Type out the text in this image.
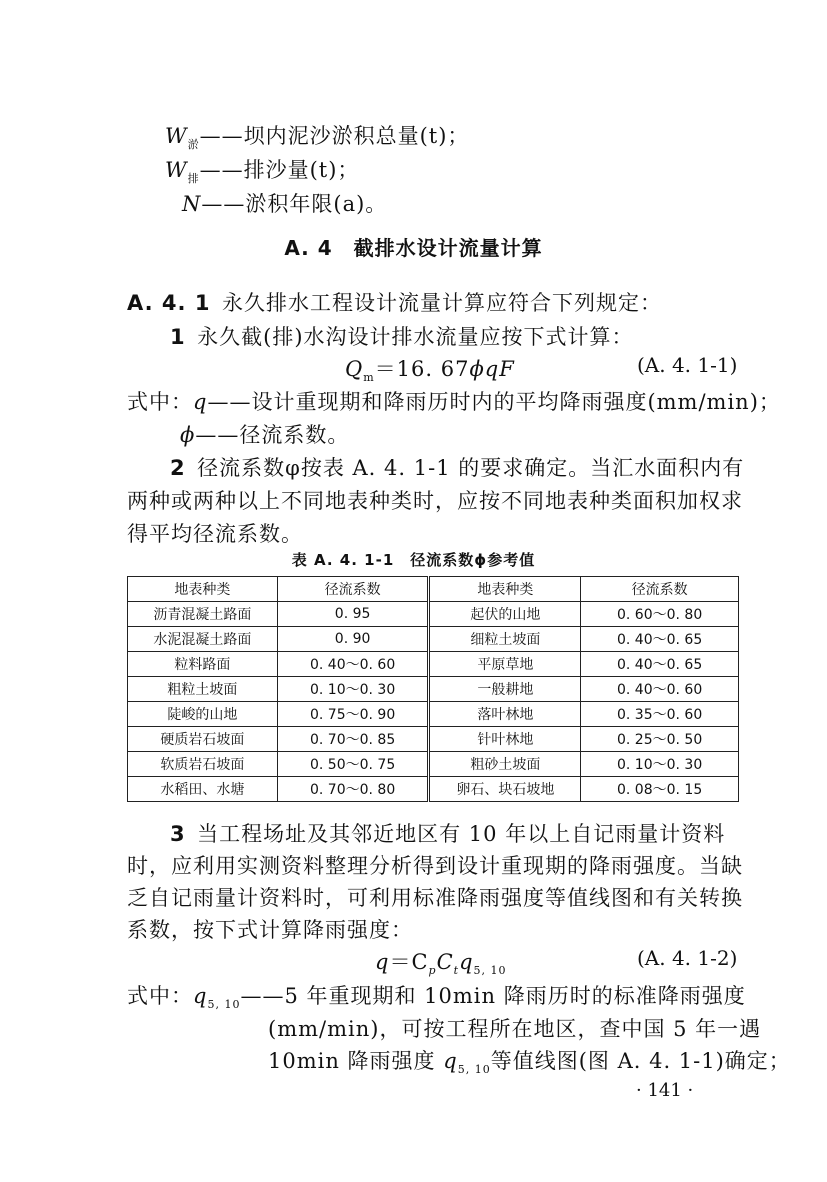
$W_淤——$坝内泥沙淤积总量(t)；
$W_排——$排沙量(t)；
N——淤积年限(a)。
A. 4  截排水设计流量计算
A. 4. 1  永久排水工程设计流量计算应符合下列规定：
1  永久截(排)水沟设计排水流量应按下式计算：
$Q_m=16$. 67ϕqF	(A. 4. 1-1)
式中：q——设计重现期和降雨历时内的平均降雨强度(mm/min)；
ϕ——径流系数。
2  径流系数φ按表 A. 4. 1-1 的要求确定。当汇水面积内有
两种或两种以上不同地表种类时，应按不同地表种类面积加权求
得平均径流系数。
表 A. 4. 1-1　径流系数ϕ参考值
地表种类	径流系数	地表种类	径流系数
沥青混凝土路面	0. 95	起伏的山地	0. 60～0. 80
水泥混凝土路面	0. 90	细粒土坡面	0. 40～0. 65
粒料路面	0. 40～0. 60	平原草地	0. 40～0. 65
粗粒土坡面	0. 10～0. 30	一般耕地	0. 40～0. 60
陡峻的山地	0. 75～0. 90	落叶林地	0. 35～0. 60
硬质岩石坡面	0. 70～0. 85	针叶林地	0. 25～0. 50
软质岩石坡面	0. 50～0. 75	粗砂土坡面	0. 10～0. 30
水稻田、水塘	0. 70～0. 80	卵石、块石坡地	0. 08～0. 15
3  当工程场址及其邻近地区有 10 年以上自记雨量计资料
时，应利用实测资料整理分析得到设计重现期的降雨强度。当缺
乏自记雨量计资料时，可利用标准降雨强度等值线图和有关转换
系数，按下式计算降雨强度：
$q=C_pC_tq_{5, 10}$
(A. 4. 1-2)
式中：$q_{5, 10}——5$ 年重现期和 10min 降雨历时的标准降雨强度
(mm/min)，可按工程所在地区，查中国 5 年一遇
10min 降雨强度 $q_{5, 10}$等值线图(图 A. 4. 1-1)确定；
· 141 ·
